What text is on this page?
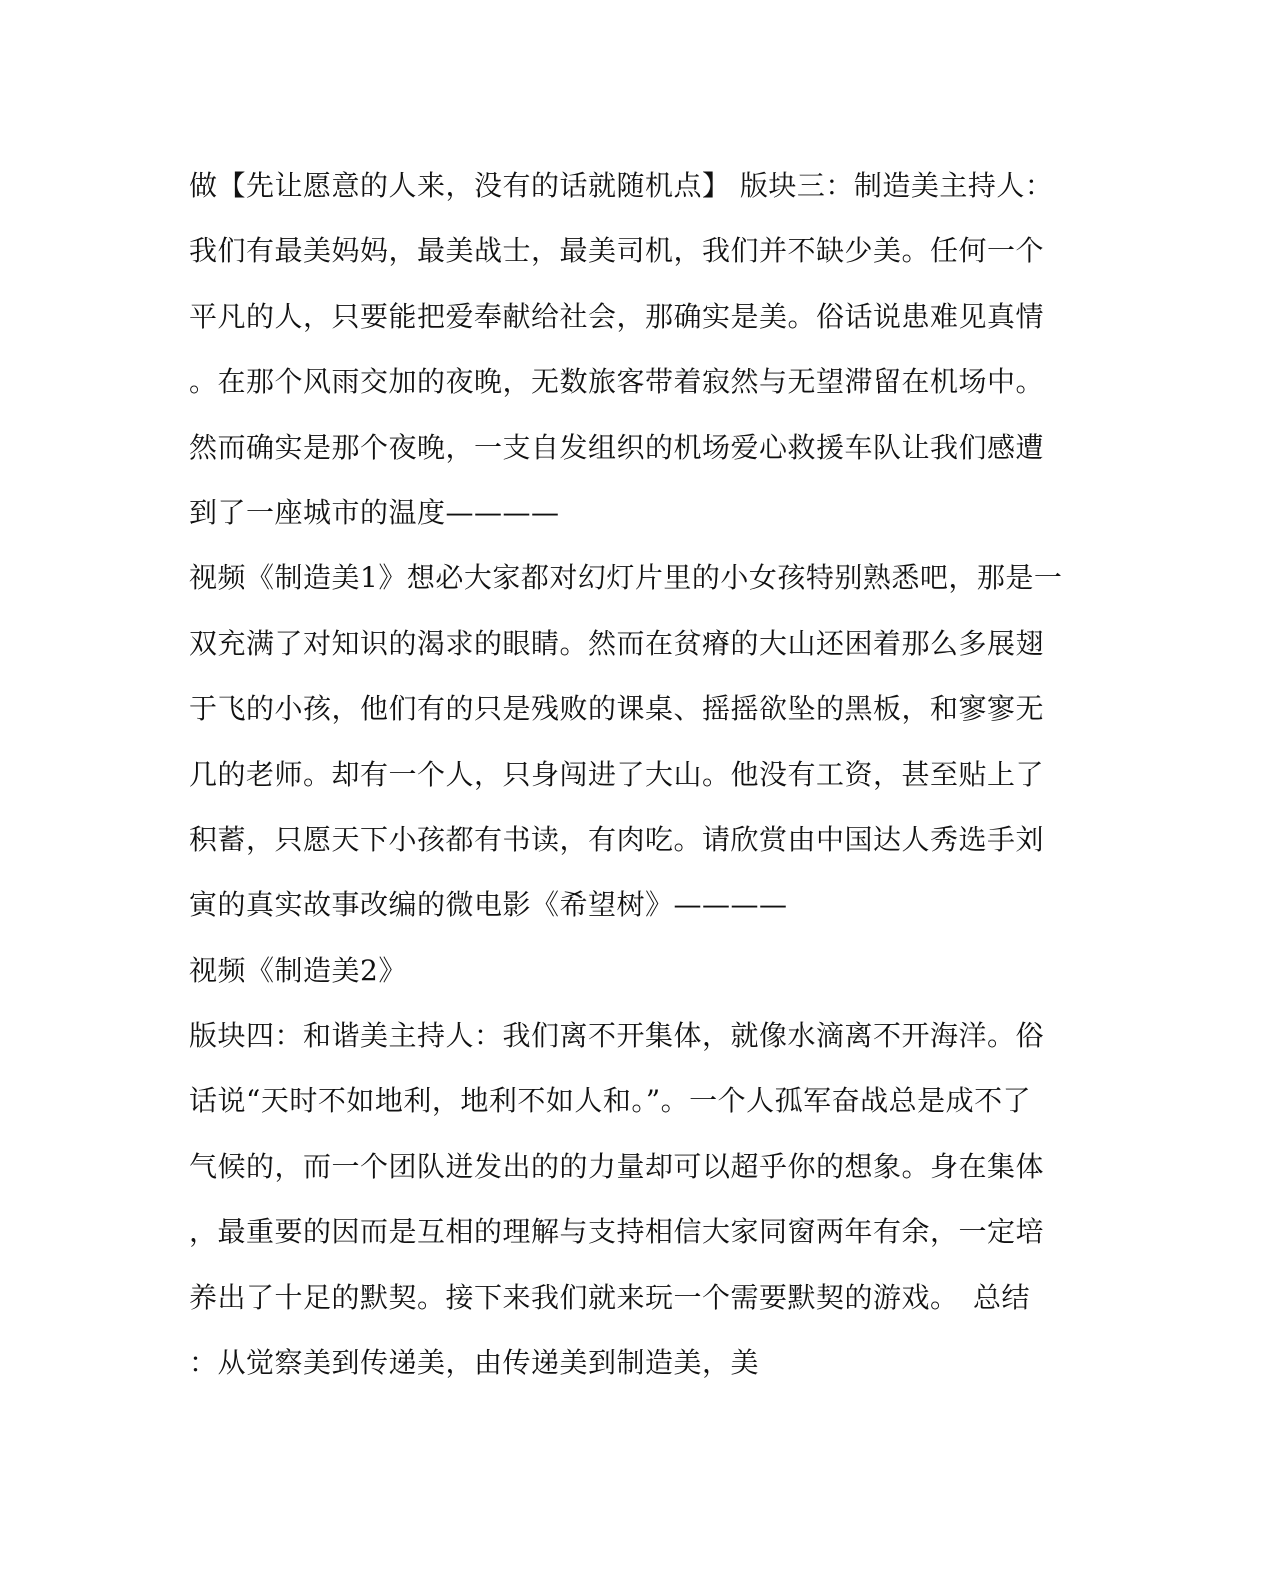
做【先让愿意的人来，没有的话就随机点】 版块三：制造美主持人：
我们有最美妈妈，最美战士，最美司机，我们并不缺少美。任何一个
平凡的人，只要能把爱奉献给社会，那确实是美。俗话说患难见真情
。在那个风雨交加的夜晚，无数旅客带着寂然与无望滞留在机场中。
然而确实是那个夜晚，一支自发组织的机场爱心救援车队让我们感遭
到了一座城市的温度————
视频《制造美1》想必大家都对幻灯片里的小女孩特别熟悉吧，那是一
双充满了对知识的渴求的眼睛。然而在贫瘠的大山还困着那么多展翅
于飞的小孩，他们有的只是残败的课桌、摇摇欲坠的黑板，和寥寥无
几的老师。却有一个人，只身闯进了大山。他没有工资，甚至贴上了
积蓄，只愿天下小孩都有书读，有肉吃。请欣赏由中国达人秀选手刘
寅的真实故事改编的微电影《希望树》————
视频《制造美2》
版块四：和谐美主持人：我们离不开集体，就像水滴离不开海洋。俗
话说“天时不如地利，地利不如人和。”。一个人孤军奋战总是成不了
气候的，而一个团队迸发出的的力量却可以超乎你的想象。身在集体
，最重要的因而是互相的理解与支持相信大家同窗两年有余，一定培
养出了十足的默契。接下来我们就来玩一个需要默契的游戏。　总结
：从觉察美到传递美，由传递美到制造美，美
